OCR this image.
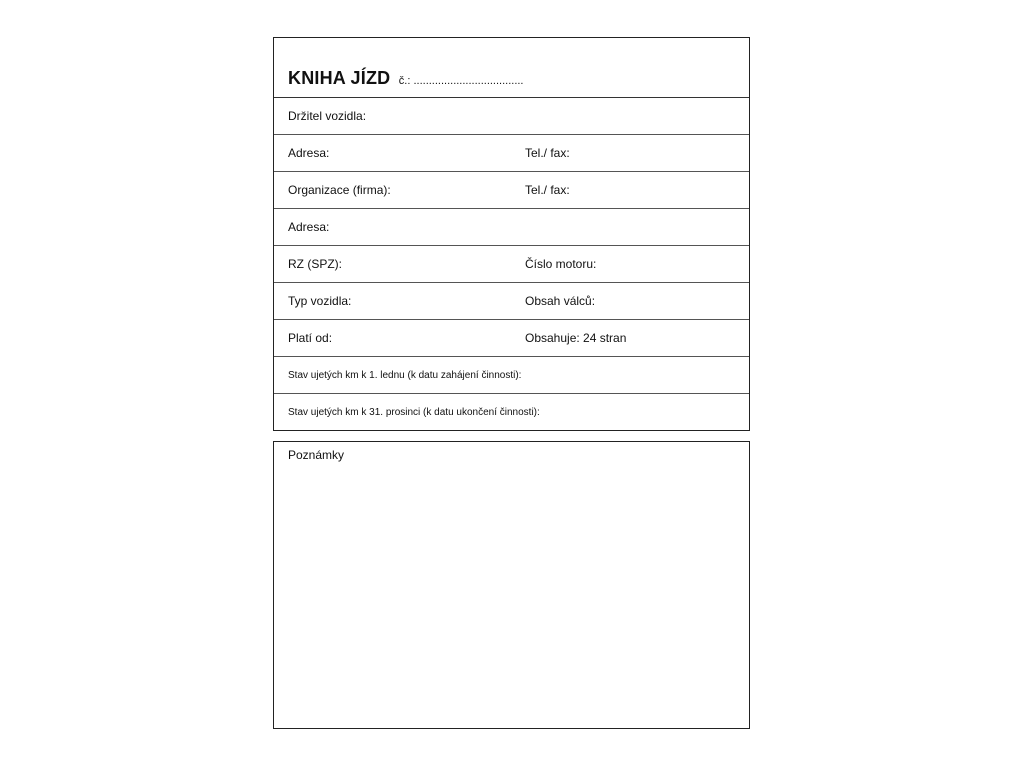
KNIHA JÍZD č.: ....................................
Držitel vozidla:
Adresa:	Tel./ fax:
Organizace (firma):	Tel./ fax:
Adresa:
RZ (SPZ):	Číslo motoru:
Typ vozidla:	Obsah válců:
Platí od:	Obsahuje: 24 stran
Stav ujetých km k 1. lednu (k datu zahájení činnosti):
Stav ujetých km k 31. prosinci (k datu ukončení činnosti):
Poznámky
